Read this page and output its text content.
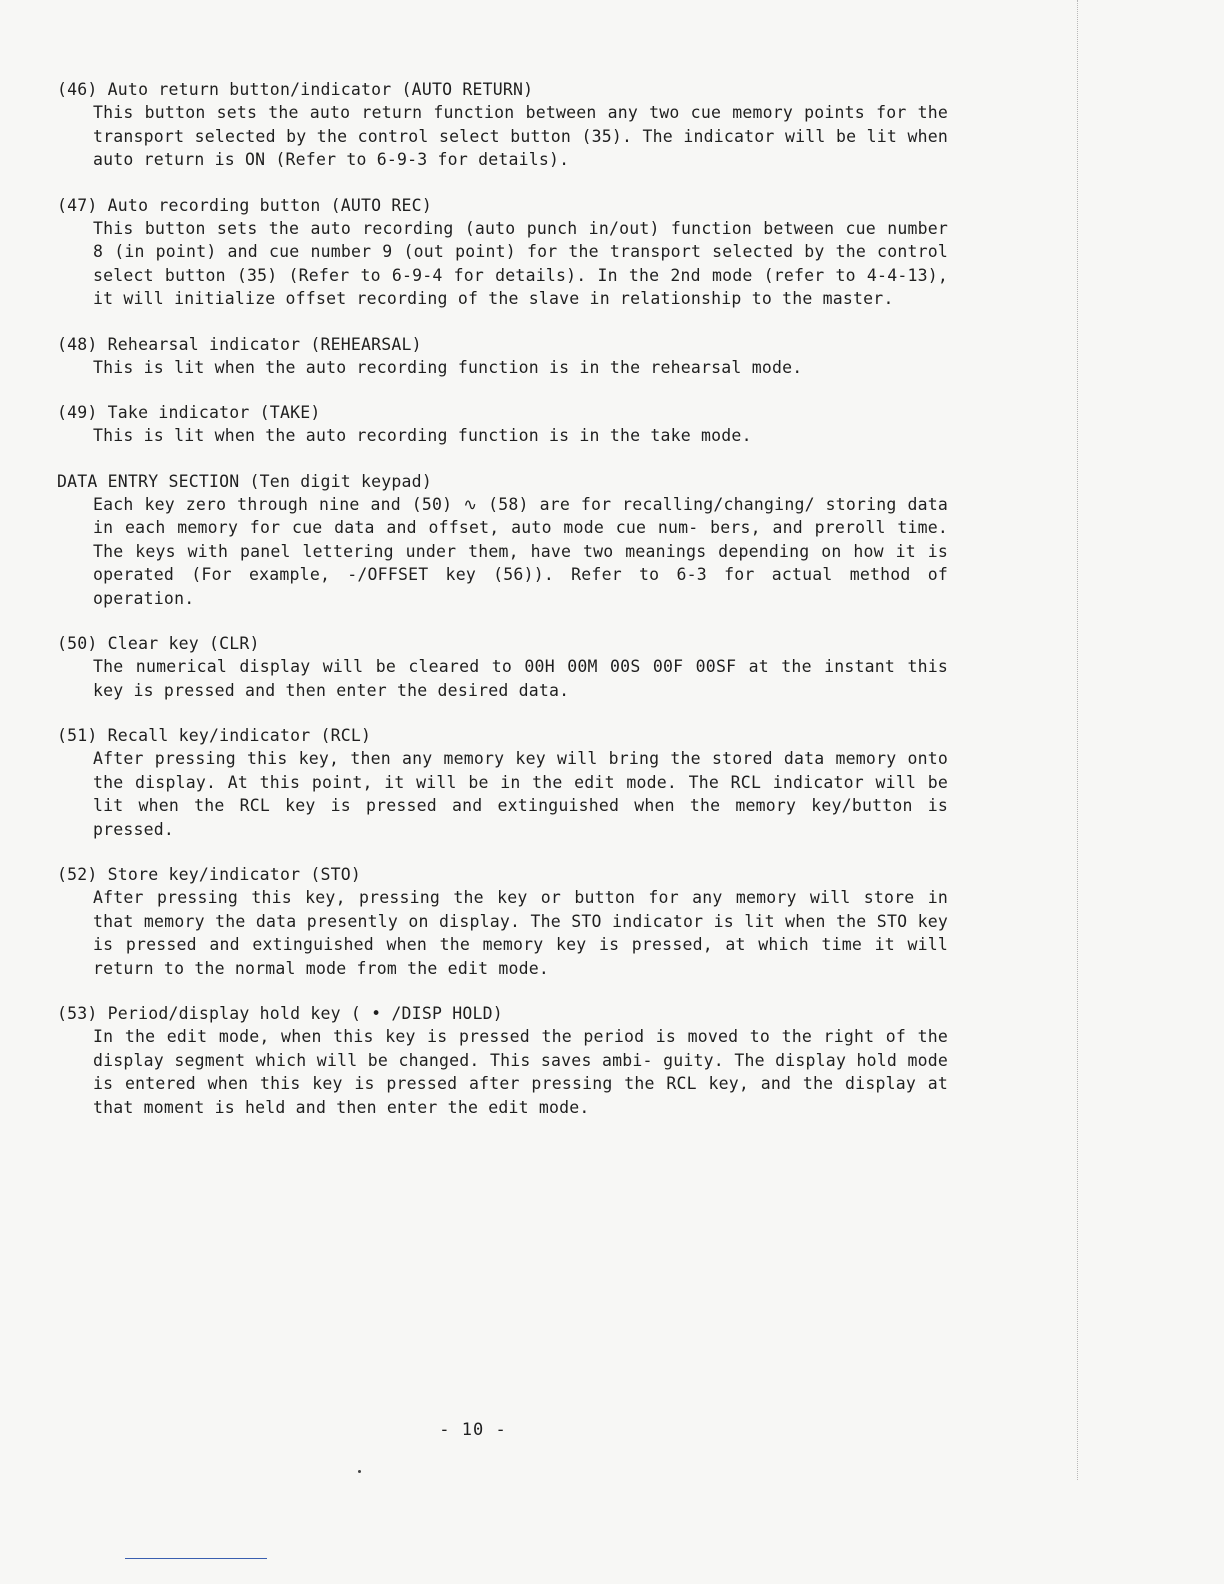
(46) Auto return button/indicator (AUTO RETURN)
This button sets the auto return function between any two cue memory points for the transport selected by the control select button (35). The indicator will be lit when auto return is ON (Refer to 6-9-3 for details).
(47) Auto recording button (AUTO REC)
This button sets the auto recording (auto punch in/out) function between cue number 8 (in point) and cue number 9 (out point) for the transport selected by the control select button (35) (Refer to 6-9-4 for details). In the 2nd mode (refer to 4-4-13), it will initialize offset recording of the slave in relationship to the master.
(48) Rehearsal indicator (REHEARSAL)
This is lit when the auto recording function is in the rehearsal mode.
(49) Take indicator (TAKE)
This is lit when the auto recording function is in the take mode.
DATA ENTRY SECTION (Ten digit keypad)
Each key zero through nine and (50) ∿ (58) are for recalling/changing/ storing data in each memory for cue data and offset, auto mode cue num- bers, and preroll time. The keys with panel lettering under them, have two meanings depending on how it is operated (For example, -/OFFSET key (56)). Refer to 6-3 for actual method of operation.
(50) Clear key (CLR)
The numerical display will be cleared to 00H 00M 00S 00F 00SF at the instant this key is pressed and then enter the desired data.
(51) Recall key/indicator (RCL)
After pressing this key, then any memory key will bring the stored data memory onto the display. At this point, it will be in the edit mode. The RCL indicator will be lit when the RCL key is pressed and extinguished when the memory key/button is pressed.
(52) Store key/indicator (STO)
After pressing this key, pressing the key or button for any memory will store in that memory the data presently on display. The STO indicator is lit when the STO key is pressed and extinguished when the memory key is pressed, at which time it will return to the normal mode from the edit mode.
(53) Period/display hold key ( • /DISP HOLD)
In the edit mode, when this key is pressed the period is moved to the right of the display segment which will be changed. This saves ambi- guity. The display hold mode is entered when this key is pressed after pressing the RCL key, and the display at that moment is held and then enter the edit mode.
- 10 -
